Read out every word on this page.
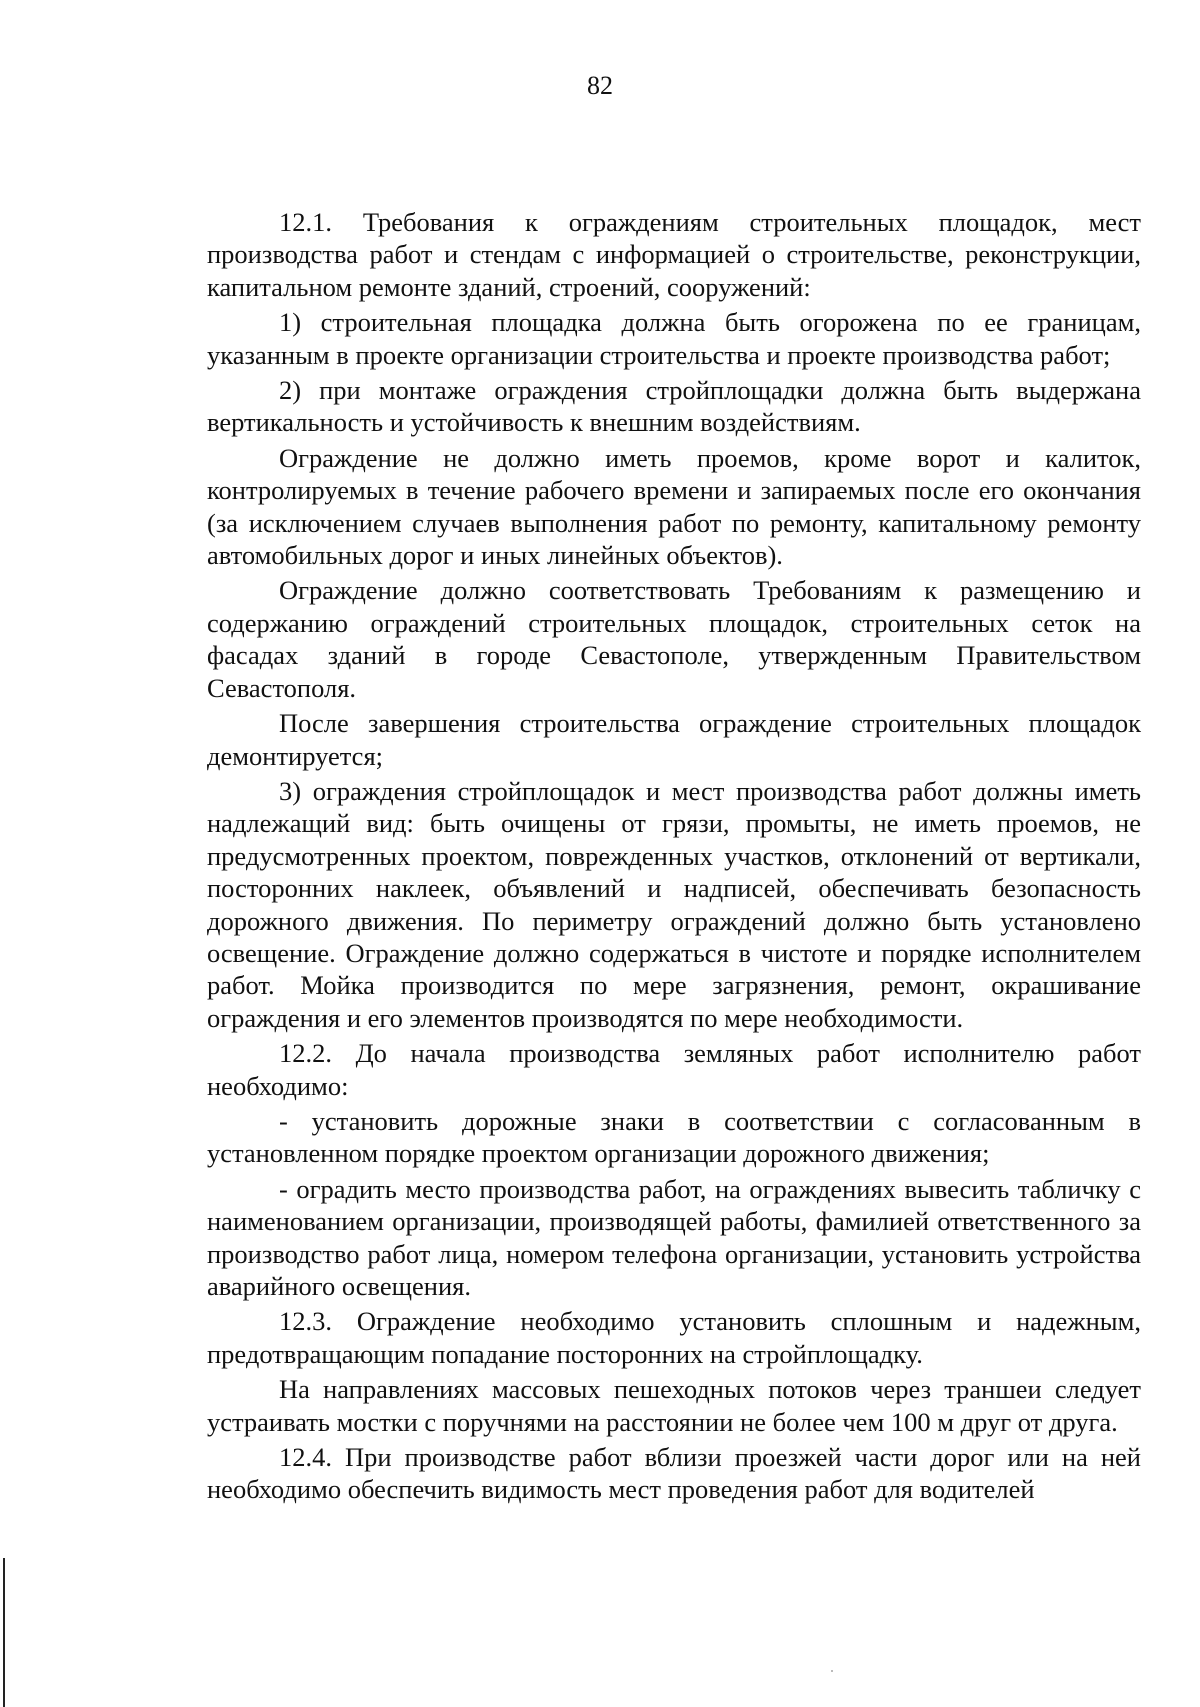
82

12.1. Требования к ограждениям строительных площадок, мест производства работ и стендам с информацией о строительстве, реконструкции, капитальном ремонте зданий, строений, сооружений:

1) строительная площадка должна быть огорожена по ее границам, указанным в проекте организации строительства и проекте производства работ;

2) при монтаже ограждения стройплощадки должна быть выдержана вертикальность и устойчивость к внешним воздействиям.

Ограждение не должно иметь проемов, кроме ворот и калиток, контролируемых в течение рабочего времени и запираемых после его окончания (за исключением случаев выполнения работ по ремонту, капитальному ремонту автомобильных дорог и иных линейных объектов).

Ограждение должно соответствовать Требованиям к размещению и содержанию ограждений строительных площадок, строительных сеток на фасадах зданий в городе Севастополе, утвержденным Правительством Севастополя.

После завершения строительства ограждение строительных площадок демонтируется;

3) ограждения стройплощадок и мест производства работ должны иметь надлежащий вид: быть очищены от грязи, промыты, не иметь проемов, не предусмотренных проектом, поврежденных участков, отклонений от вертикали, посторонних наклеек, объявлений и надписей, обеспечивать безопасность дорожного движения. По периметру ограждений должно быть установлено освещение. Ограждение должно содержаться в чистоте и порядке исполнителем работ. Мойка производится по мере загрязнения, ремонт, окрашивание ограждения и его элементов производятся по мере необходимости.

12.2. До начала производства земляных работ исполнителю работ необходимо:

- установить дорожные знаки в соответствии с согласованным в установленном порядке проектом организации дорожного движения;

- оградить место производства работ, на ограждениях вывесить табличку с наименованием организации, производящей работы, фамилией ответственного за производство работ лица, номером телефона организации, установить устройства аварийного освещения.

12.3. Ограждение необходимо установить сплошным и надежным, предотвращающим попадание посторонних на стройплощадку.

На направлениях массовых пешеходных потоков через траншеи следует устраивать мостки с поручнями на расстоянии не более чем 100 м друг от друга.

12.4. При производстве работ вблизи проезжей части дорог или на ней необходимо обеспечить видимость мест проведения работ для водителей
